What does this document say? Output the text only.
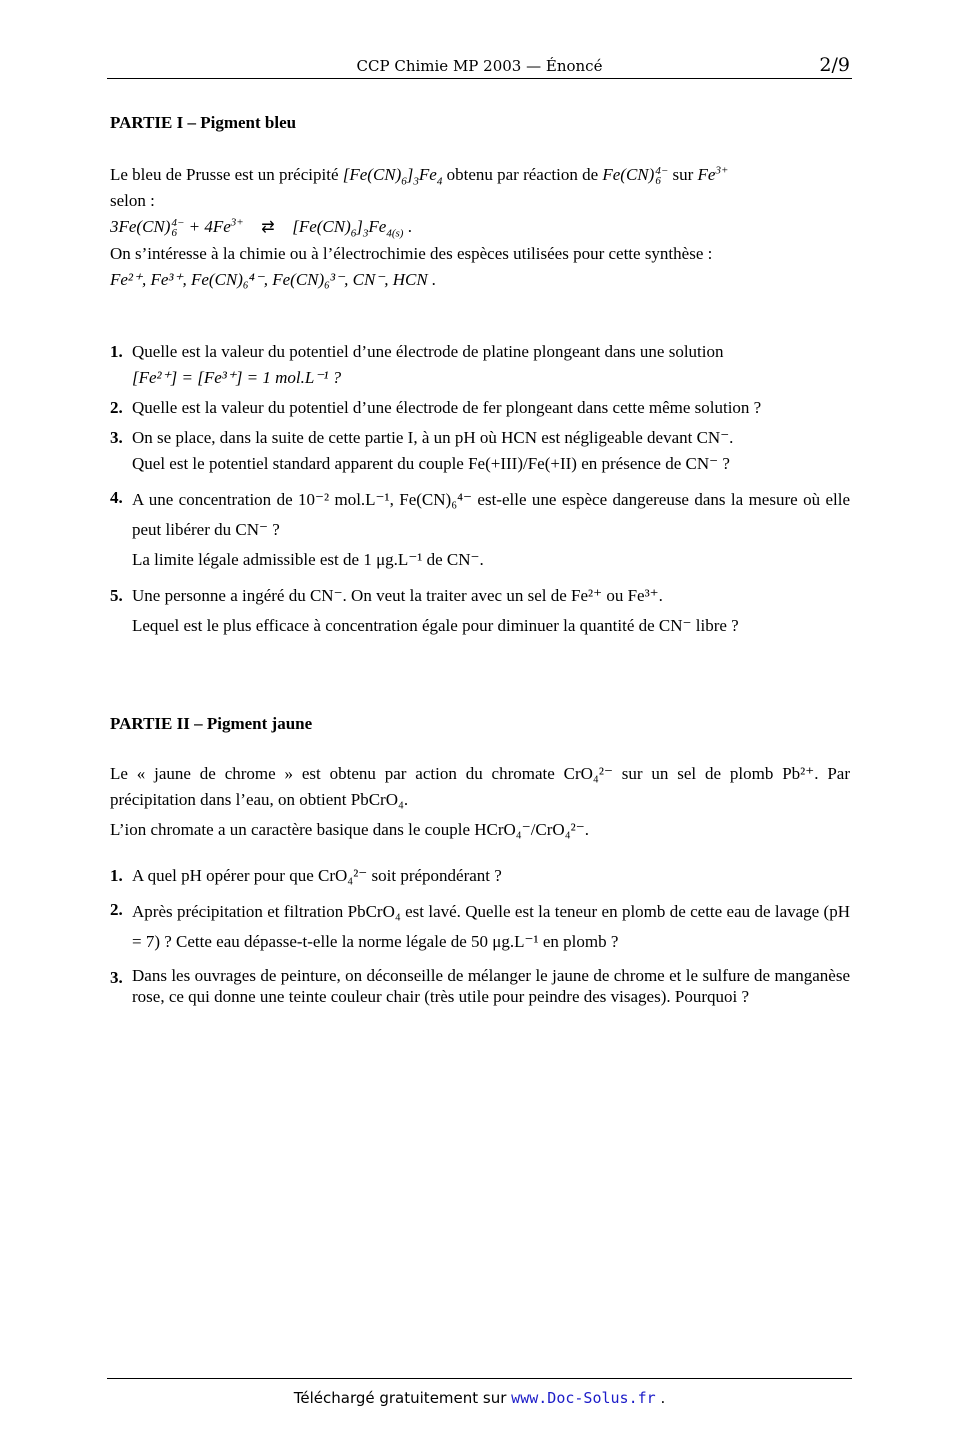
CCP Chimie MP 2003 — Énoncé	2/9

PARTIE I – Pigment bleu

Le bleu de Prusse est un précipité $[Fe(CN)_6]_3Fe_4$ obtenu par réaction de Fe(CN) 4−
6 sur $Fe^{3+}$

selon :

3Fe(CN) 4−
$6 + 4Fe^{3+}$ ⇄ $[Fe(CN)_6]_3Fe_{4(s)}$ .

On s’intéresse à la chimie ou à l’électrochimie des espèces utilisées pour cette synthèse :

Fe²⁺, Fe³⁺, Fe(CN)₆⁴⁻, Fe(CN)₆³⁻, CN⁻, HCN .

1. Quelle est la valeur du potentiel d’une électrode de platine plongeant dans une solution

[Fe²⁺] = [Fe³⁺] = 1 mol.L⁻¹ ?

2. Quelle est la valeur du potentiel d’une électrode de fer plongeant dans cette même solution ?

3. On se place, dans la suite de cette partie I, à un pH où HCN est négligeable devant CN⁻.

Quel est le potentiel standard apparent du couple Fe(+III)/Fe(+II) en présence de CN⁻ ?

4. A une concentration de 10⁻² mol.L⁻¹, Fe(CN)₆⁴⁻ est-elle une espèce dangereuse dans la mesure où elle peut libérer du CN⁻ ?

La limite légale admissible est de 1 μg.L⁻¹ de CN⁻.

5. Une personne a ingéré du CN⁻. On veut la traiter avec un sel de Fe²⁺ ou Fe³⁺.

Lequel est le plus efficace à concentration égale pour diminuer la quantité de CN⁻ libre ?

PARTIE II – Pigment jaune

Le « jaune de chrome » est obtenu par action du chromate CrO₄²⁻ sur un sel de plomb Pb²⁺. Par précipitation dans l’eau, on obtient PbCrO₄.

L’ion chromate a un caractère basique dans le couple HCrO₄⁻/CrO₄²⁻.

1. A quel pH opérer pour que CrO₄²⁻ soit prépondérant ?

2. Après précipitation et filtration PbCrO₄ est lavé. Quelle est la teneur en plomb de cette eau de lavage (pH = 7) ? Cette eau dépasse-t-elle la norme légale de 50 μg.L⁻¹ en plomb ?

3. Dans les ouvrages de peinture, on déconseille de mélanger le jaune de chrome et le sulfure de manganèse rose, ce qui donne une teinte couleur chair (très utile pour peindre des visages). Pourquoi ?

Téléchargé gratuitement sur www.Doc-Solus.fr .
